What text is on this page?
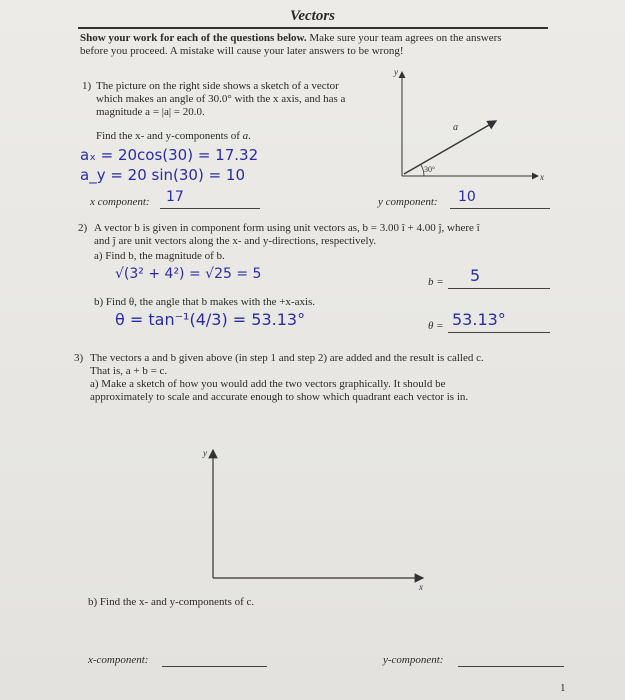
Vectors
Show your work for each of the questions below. Make sure your team agrees on the answers
before you proceed. A mistake will cause your later answers to be wrong!
1) The picture on the right side shows a sketch of a vector
which makes an angle of 30.0° with the x axis, and has a
magnitude a = |a| = 20.0.
Find the x- and y-components of a.
aₓ = 20cos(30) = 17.32
a_y = 20 sin(30) = 10
x component: 17	y component: 10
30°
a
x
y
2) A vector b is given in component form using unit vectors as, b = 3.00 î + 4.00 ĵ, where î
and ĵ are unit vectors along the x- and y-directions, respectively.
a) Find b, the magnitude of b.
√(3² + 4²) = √25 = 5	b = 5
b) Find θ, the angle that b makes with the +x-axis.
θ = tan⁻¹(4/3) = 53.13°	θ = 53.13°
3) The vectors a and b given above (in step 1 and step 2) are added and the result is called c.
That is, a + b = c.
a) Make a sketch of how you would add the two vectors graphically. It should be
approximately to scale and accurate enough to show which quadrant each vector is in.
y
x
b) Find the x- and y-components of c.
x-component:	y-component:
1
